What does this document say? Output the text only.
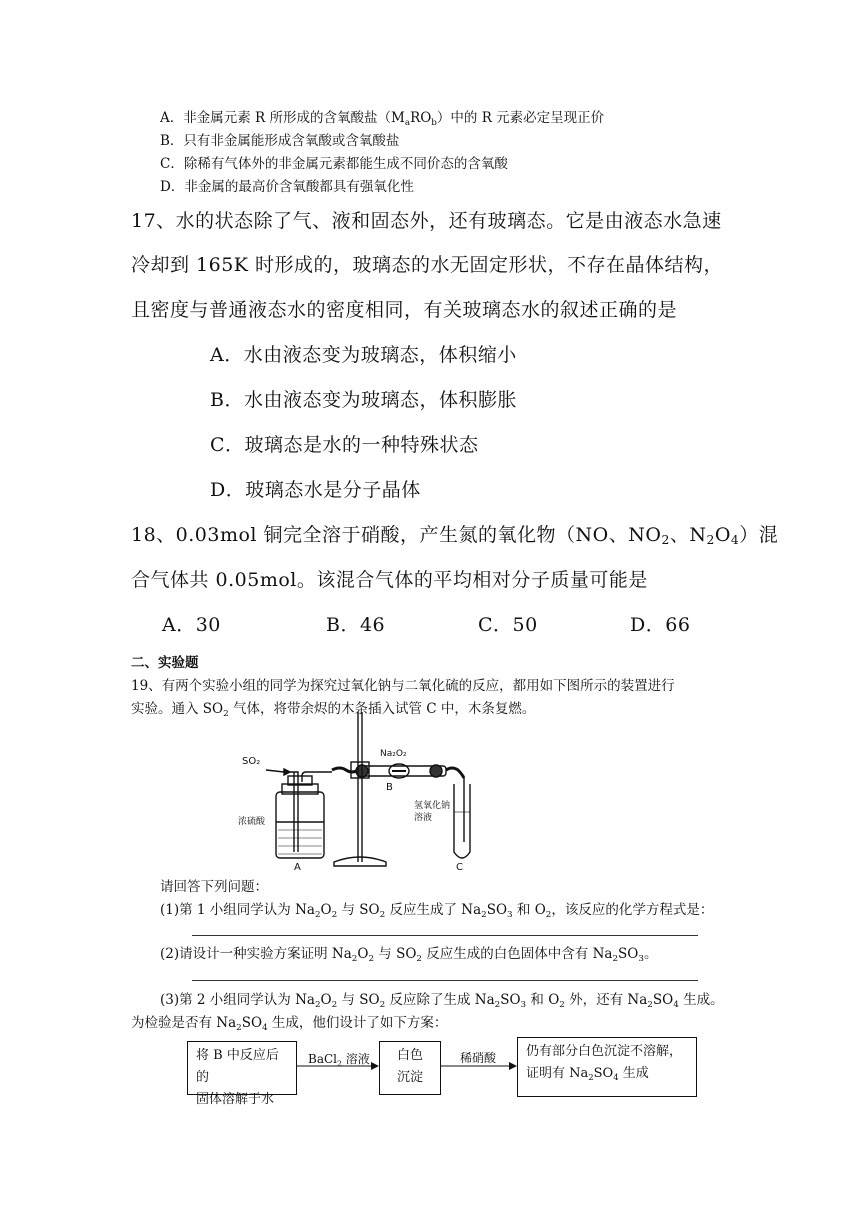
A．非金属元素 R 所形成的含氧酸盐$(M_aRO_b)$中的 R 元素必定呈现正价
B．只有非金属能形成含氧酸或含氧酸盐
C．除稀有气体外的非金属元素都能生成不同价态的含氧酸
D．非金属的最高价含氧酸都具有强氧化性
17、水的状态除了气、液和固态外，还有玻璃态。它是由液态水急速
冷却到 165K 时形成的，玻璃态的水无固定形状，不存在晶体结构，
且密度与普通液态水的密度相同，有关玻璃态水的叙述正确的是
A．水由液态变为玻璃态，体积缩小
B．水由液态变为玻璃态，体积膨胀
C．玻璃态是水的一种特殊状态
D．玻璃态水是分子晶体
18、0.03mol 铜完全溶于硝酸，产生氮的氧化物（NO、$NO_2$、$N_2O_4$）混
合气体共 0.05mol。该混合气体的平均相对分子质量可能是
A．30	B．46	C．50	D．66
二、实验题
19、有两个实验小组的同学为探究过氧化钠与二氧化硫的反应，都用如下图所示的装置进行
实验。通入 $SO_2$ 气体，将带余烬的木条插入试管 C 中，木条复燃。
SO₂
Na₂O₂
浓硫酸
氢氧化钠
溶液
A
B
C
请回答下列问题：
(1)第 1 小组同学认为 $Na_2O_2$ 与 $SO_2$ 反应生成了 $Na_2SO_3$ 和 $O_2$，该反应的化学方程式是：
(2)请设计一种实验方案证明 $Na_2O_2$ 与 $SO_2$ 反应生成的白色固体中含有 $Na_2SO_3$。
(3)第 2 小组同学认为 $Na_2O_2$ 与 $SO_2$ 反应除了生成 $Na_2SO_3$ 和 $O_2$ 外，还有 $Na_2SO_4$ 生成。
为检验是否有 $Na_2SO_4$ 生成，他们设计了如下方案：
将 B 中反应后的
固体溶解于水
BaCl$_2$ 溶液	白色
沉淀
稀硝酸 仍有部分白色沉淀不溶解，
证明有 $Na_2SO_4$ 生成
